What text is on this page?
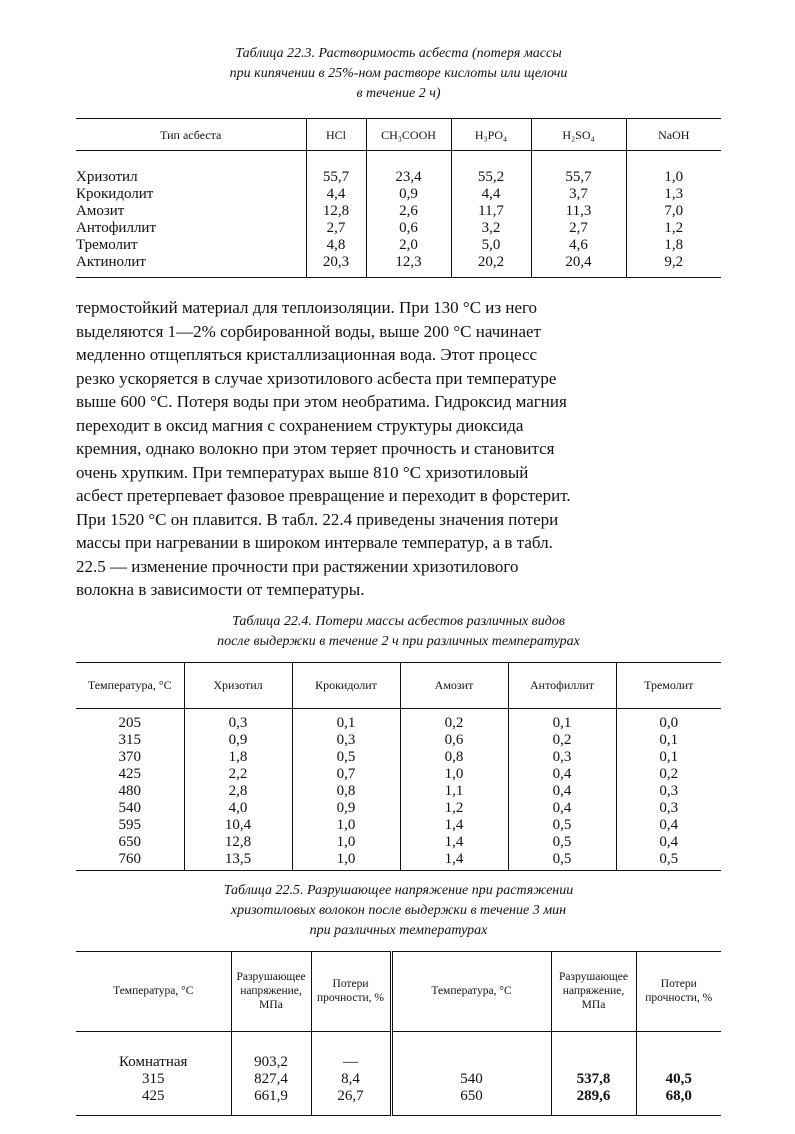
Таблица 22.3. Растворимость асбеста (потеря массы
при кипячении в 25%-ном растворе кислоты или щелочи
в течение 2 ч)
Тип асбеста	HCl	CH₃COOH	H₃PO₄	H₂SO₄	NaOH
Хризотил	55,7	23,4	55,2	55,7	1,0
Крокидолит	4,4	0,9	4,4	3,7	1,3
Амозит	12,8	2,6	11,7	11,3	7,0
Антофиллит	2,7	0,6	3,2	2,7	1,2
Тремолит	4,8	2,0	5,0	4,6	1,8
Актинолит	20,3	12,3	20,2	20,4	9,2
термостойкий материал для теплоизоляции. При 130 °С из него
выделяются 1—2% сорбированной воды, выше 200 °С начинает
медленно отщепляться кристаллизационная вода. Этот процесс
резко ускоряется в случае хризотилового асбеста при температуре
выше 600 °С. Потеря воды при этом необратима. Гидроксид магния
переходит в оксид магния с сохранением структуры диоксида
кремния, однако волокно при этом теряет прочность и становится
очень хрупким. При температурах выше 810 °С хризотиловый
асбест претерпевает фазовое превращение и переходит в форстерит.
При 1520 °С он плавится. В табл. 22.4 приведены значения потери
массы при нагревании в широком интервале температур, а в табл.
22.5 — изменение прочности при растяжении хризотилового
волокна в зависимости от температуры.
Таблица 22.4. Потери массы асбестов различных видов
после выдержки в течение 2 ч при различных температурах
Температура, °С	Хризотил	Крокидолит	Амозит	Антофиллит	Тремолит
205	0,3	0,1	0,2	0,1	0,0
315	0,9	0,3	0,6	0,2	0,1
370	1,8	0,5	0,8	0,3	0,1
425	2,2	0,7	1,0	0,4	0,2
480	2,8	0,8	1,1	0,4	0,3
540	4,0	0,9	1,2	0,4	0,3
595	10,4	1,0	1,4	0,5	0,4
650	12,8	1,0	1,4	0,5	0,4
760	13,5	1,0	1,4	0,5	0,5
Таблица 22.5. Разрушающее напряжение при растяжении
хризотиловых волокон после выдержки в течение 3 мин
при различных температурах
Температура, °С	Разрушающее напряжение, МПа	Потери прочности, %	Температура, °С	Разрушающее напряжение, МПа	Потери прочности, %
Комнатная	903,2	—			
315	827,4	8,4	540	537,8	40,5
425	661,9	26,7	650	289,6	68,0
